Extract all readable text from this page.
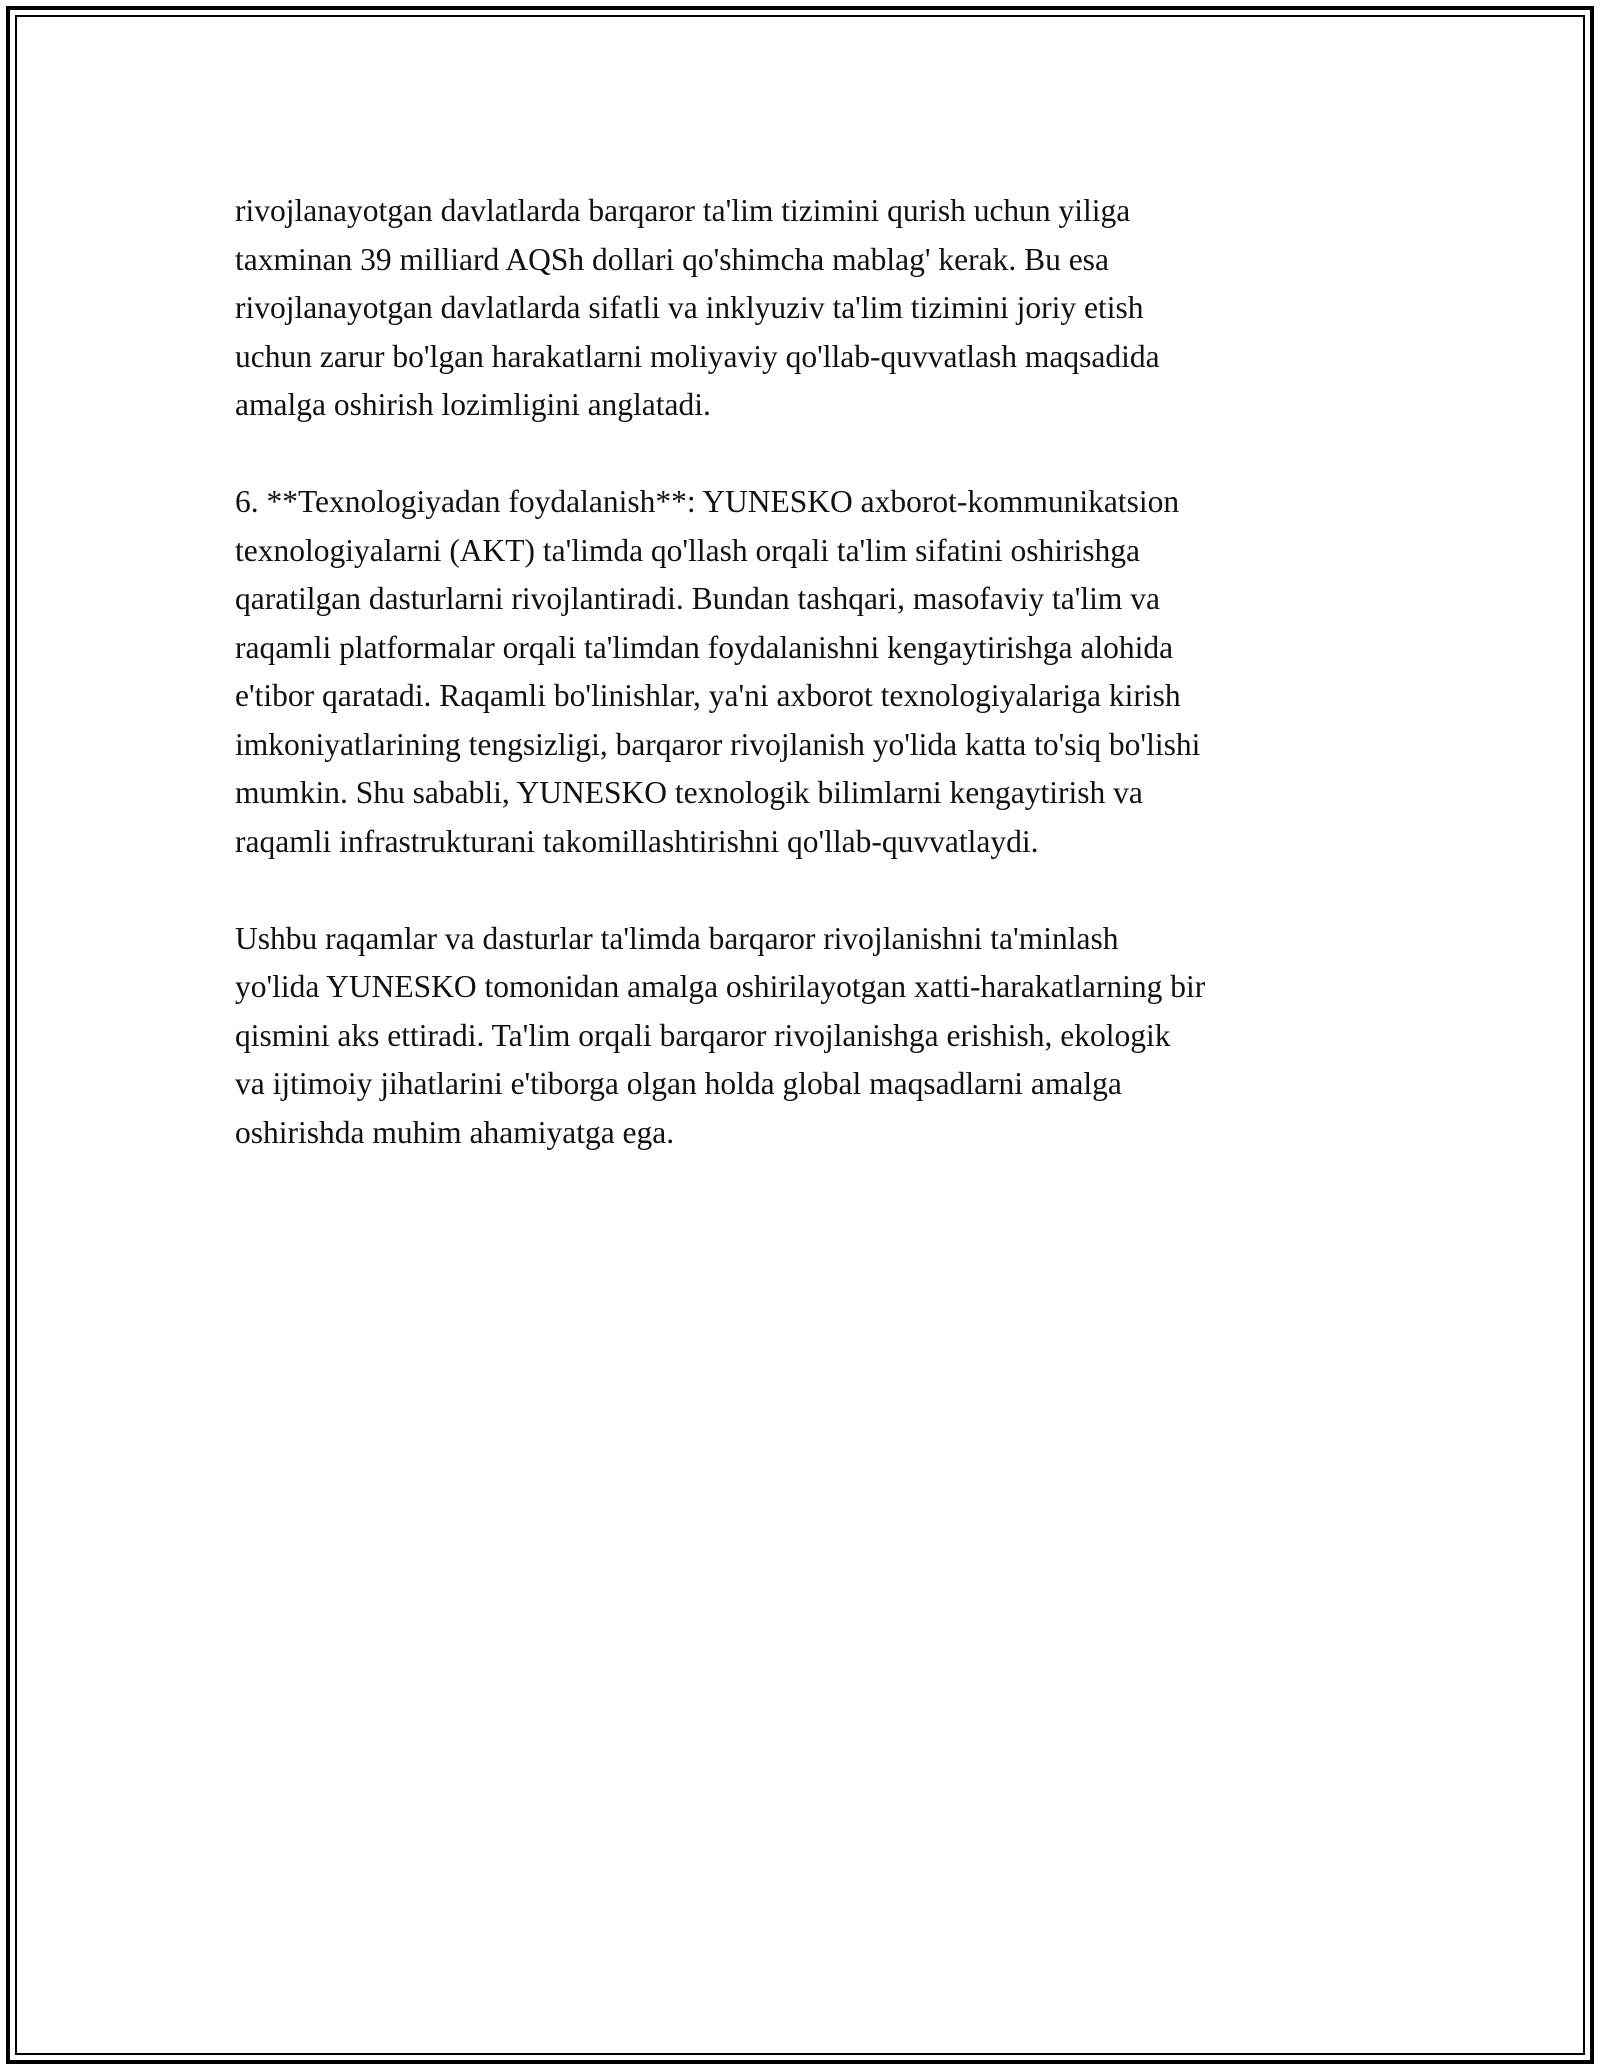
rivojlanayotgan davlatlarda barqaror ta'lim tizimini qurish uchun yiliga
taxminan 39 milliard AQSh dollari qo'shimcha mablag' kerak. Bu esa
rivojlanayotgan davlatlarda sifatli va inklyuziv ta'lim tizimini joriy etish
uchun zarur bo'lgan harakatlarni moliyaviy qo'llab-quvvatlash maqsadida
amalga oshirish lozimligini anglatadi.

6. **Texnologiyadan foydalanish**: YUNESKO axborot-kommunikatsion
texnologiyalarni (AKT) ta'limda qo'llash orqali ta'lim sifatini oshirishga
qaratilgan dasturlarni rivojlantiradi. Bundan tashqari, masofaviy ta'lim va
raqamli platformalar orqali ta'limdan foydalanishni kengaytirishga alohida
e'tibor qaratadi. Raqamli bo'linishlar, ya'ni axborot texnologiyalariga kirish
imkoniyatlarining tengsizligi, barqaror rivojlanish yo'lida katta to'siq bo'lishi
mumkin. Shu sababli, YUNESKO texnologik bilimlarni kengaytirish va
raqamli infrastrukturani takomillashtirishni qo'llab-quvvatlaydi.

Ushbu raqamlar va dasturlar ta'limda barqaror rivojlanishni ta'minlash
yo'lida YUNESKO tomonidan amalga oshirilayotgan xatti-harakatlarning bir
qismini aks ettiradi. Ta'lim orqali barqaror rivojlanishga erishish, ekologik
va ijtimoiy jihatlarini e'tiborga olgan holda global maqsadlarni amalga
oshirishda muhim ahamiyatga ega.
